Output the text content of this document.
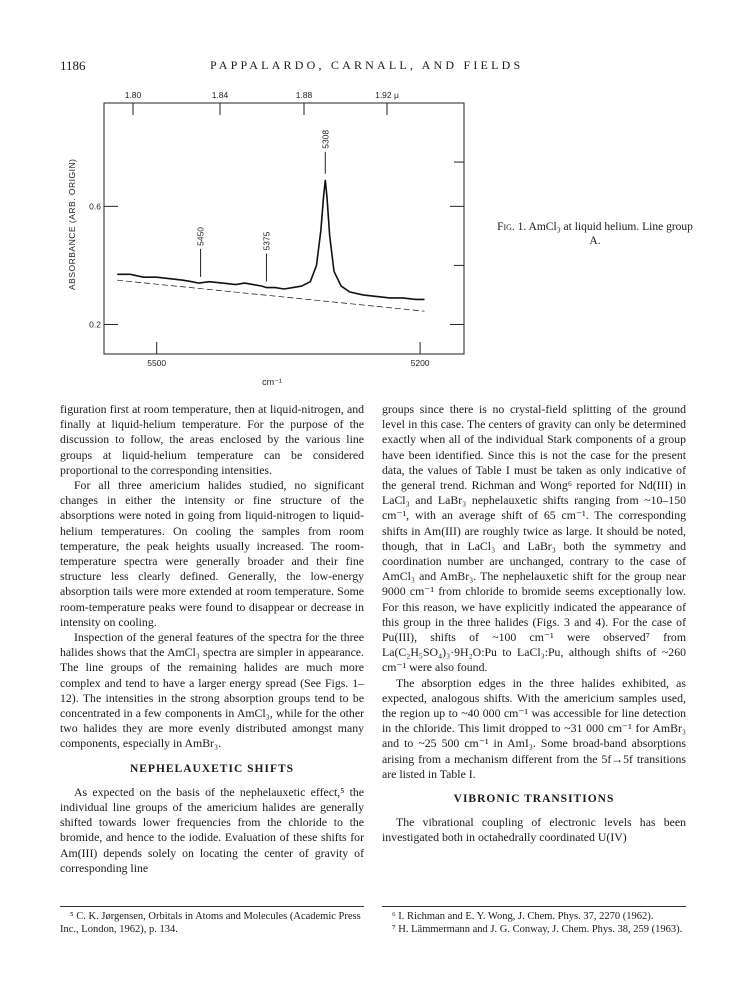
1186	PAPPALARDO, CARNALL, AND FIELDS
1.80	1.84	1.88	1.92 μ
5500	5200
0.6
0.2
5308
5450	5375
ABSORBANCE (ARB. ORIGIN)
cm⁻¹
Fig. 1. AmCl₃ at liquid helium. Line group A.

figuration first at room temperature, then at liquid-nitrogen, and finally at liquid-helium temperature. For the purpose of the discussion to follow, the areas enclosed by the various line groups at liquid-helium temperature can be considered proportional to the corresponding intensities.

For all three americium halides studied, no significant changes in either the intensity or fine structure of the absorptions were noted in going from liquid-nitrogen to liquid-helium temperatures. On cooling the samples from room temperature, the peak heights usually increased. The room-temperature spectra were generally broader and their fine structure less clearly defined. Generally, the low-energy absorption tails were more extended at room temperature. Some room-temperature peaks were found to disappear or decrease in intensity on cooling.

Inspection of the general features of the spectra for the three halides shows that the AmCl₃ spectra are simpler in appearance. The line groups of the remaining halides are much more complex and tend to have a larger energy spread (See Figs. 1–12). The intensities in the strong absorption groups tend to be concentrated in a few components in AmCl₃, while for the other two halides they are more evenly distributed amongst many components, especially in AmBr₃.

NEPHELAUXETIC SHIFTS

As expected on the basis of the nephelauxetic effect,⁵ the individual line groups of the americium halides are generally shifted towards lower frequencies from the chloride to the bromide, and hence to the iodide. Evaluation of these shifts for Am(III) depends solely on locating the center of gravity of corresponding line

groups since there is no crystal-field splitting of the ground level in this case. The centers of gravity can only be determined exactly when all of the individual Stark components of a group have been identified. Since this is not the case for the present data, the values of Table I must be taken as only indicative of the general trend. Richman and Wong⁶ reported for Nd(III) in LaCl₃ and LaBr₃ nephelauxetic shifts ranging from ~10–150 cm⁻¹, with an average shift of 65 cm⁻¹. The corresponding shifts in Am(III) are roughly twice as large. It should be noted, though, that in LaCl₃ and LaBr₃ both the symmetry and coordination number are unchanged, contrary to the case of AmCl₃ and AmBr₃. The nephelauxetic shift for the group near 9000 cm⁻¹ from chloride to bromide seems exceptionally low. For this reason, we have explicitly indicated the appearance of this group in the three halides (Figs. 3 and 4). For the case of Pu(III), shifts of ~100 cm⁻¹ were observed⁷ from La(C₂H₅SO₄)₃·9H₂O:Pu to LaCl₃:Pu, although shifts of ~260 cm⁻¹ were also found.

The absorption edges in the three halides exhibited, as expected, analogous shifts. With the americium samples used, the region up to ~40 000 cm⁻¹ was accessible for line detection in the chloride. This limit dropped to ~31 000 cm⁻¹ for AmBr₃ and to ~25 500 cm⁻¹ in AmI₃. Some broad-band absorptions arising from a mechanism different from the 5f→5f transitions are listed in Table I.

VIBRONIC TRANSITIONS

The vibrational coupling of electronic levels has been investigated both in octahedrally coordinated U(IV)

⁵ C. K. Jørgensen, Orbitals in Atoms and Molecules (Academic Press Inc., London, 1962), p. 134.

⁶ I. Richman and E. Y. Wong, J. Chem. Phys. 37, 2270 (1962).

⁷ H. Lämmermann and J. G. Conway, J. Chem. Phys. 38, 259 (1963).
